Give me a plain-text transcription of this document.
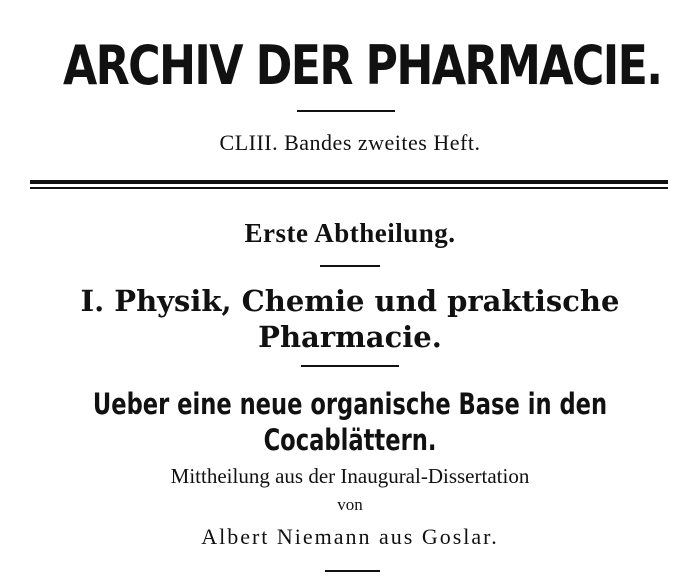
ARCHIV DER PHARMACIE.
CLIII. Bandes zweites Heft.
Erste Abtheilung.
I. Physik, Chemie und praktische
Pharmacie.
Ueber eine neue organische Base in den
Cocablättern.
Mittheilung aus der Inaugural-Dissertation
von
Albert Niemann aus Goslar.
